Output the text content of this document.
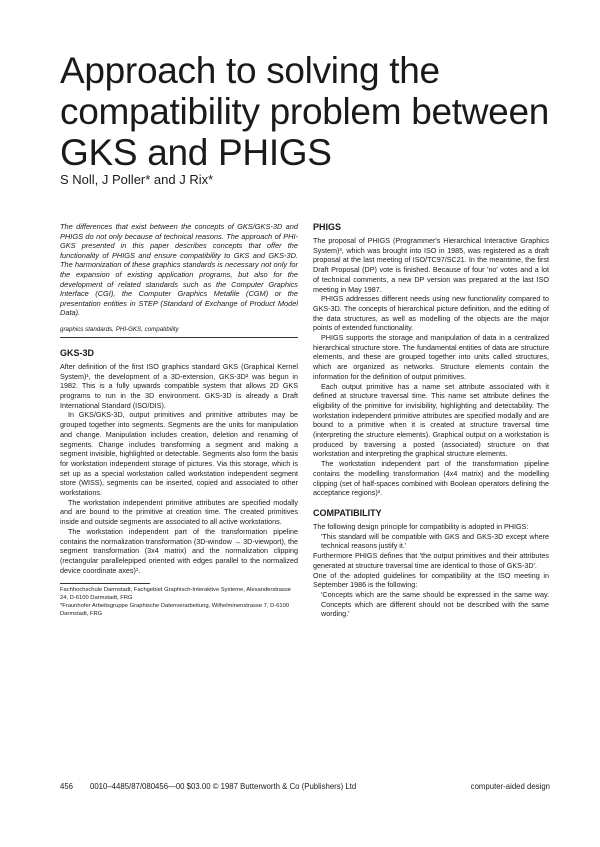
Approach to solving the compatibility problem between GKS and PHIGS

S Noll, J Poller* and J Rix*

The differences that exist between the concepts of GKS/GKS-3D and PHIGS do not only because of technical reasons. The approach of PHI-GKS presented in this paper describes concepts that offer the functionality of PHIGS and ensure compatibility to GKS and GKS-3D. The harmonization of these graphics standards is necessary not only for the expansion of existing application programs, but also for the development of related standards such as the Computer Graphics Interface (CGI), the Computer Graphics Metafile (CGM) or the presentation entities in STEP (Standard of Exchange of Product Model Data).

graphics standards, PHI-GKS, compatibility

GKS-3D

After definition of the first ISO graphics standard GKS (Graphical Kernel System)¹, the development of a 3D-extension, GKS-3D² was begun in 1982. This is a fully upwards compatible system that allows 2D GKS programs to run in the 3D environment. GKS-3D is already a Draft International Standard (ISO/DIS).

In GKS/GKS-3D, output primitives and primitive attributes may be grouped together into segments. Segments are the units for manipulation and change. Manipulation includes creation, deletion and renaming of segments. Change includes transforming a segment and making a segment invisible, highlighted or detectable. Segments also form the basis for workstation independent storage of pictures. Via this storage, which is set up as a special workstation called workstation independent segment store (WISS), segments can be inserted, copied and associated to other workstations.

The workstation independent primitive attributes are specified modally and are bound to the primitive at creation time. The created primitives inside and outside segments are associated to all active workstations.

The workstation independent part of the transformation pipeline contains the normalization transformation (3D-window → 3D-viewport), the segment transformation (3x4 matrix) and the normalization clipping (rectangular parallelepiped oriented with edges parallel to the normalized device coordinate axes)¹.

Fachhochschule Darmstadt, Fachgebiet Graphisch-Interaktive Systeme, Alexanderstrasse 24, D-6100 Darmstadt, FRG

*Fraunhofer Arbeitsgruppe Graphische Datenverarbeitung, Wilhelminenstrasse 7, D-6100 Darmstadt, FRG

PHIGS

The proposal of PHIGS (Programmer's Hierarchical Interactive Graphics System)³, which was brought into ISO in 1985, was registered as a draft proposal at the last meeting of ISO/TC97/SC21. In the meantime, the first Draft Proposal (DP) vote is finished. Because of four 'no' votes and a lot of technical comments, a new DP version was prepared at the last ISO meeting in May 1987.

PHIGS addresses different needs using new functionality compared to GKS-3D. The concepts of hierarchical picture definition, and the editing of the data structures, as well as modelling of the objects are the major points of extended functionality.

PHIGS supports the storage and manipulation of data in a centralized hierarchical structure store. The fundamental entities of data are structure elements, and these are grouped together into units called structures, which are organized as networks. Structure elements contain the information for the definition of output primitives.

Each output primitive has a name set attribute associated with it defined at structure traversal time. This name set attribute defines the eligibility of the primitive for invisibility, highlighting and detectability. The workstation independent primitive attributes are specified modally and are bound to a primitive when it is created at structure traversal time (interpreting the structure elements). Graphical output on a workstation is produced by traversing a posted (associated) structure on that workstation and interpreting the graphical structure elements.

The workstation independent part of the transformation pipeline contains the modelling transformation (4x4 matrix) and the modelling clipping (set of half-spaces combined with Boolean operators defining the acceptance regions)³.

COMPATIBILITY

The following design principle for compatibility is adopted in PHIGS:

'This standard will be compatible with GKS and GKS-3D except where technical reasons justify it.'

Furthermore PHIGS defines that 'the output primitives and their attributes generated at structure traversal time are identical to those of GKS-3D'.

One of the adopted guidelines for compatibility at the ISO meeting in September 1986 is the following:

'Concepts which are the same should be expressed in the same way. Concepts which are different should not be described with the same wording.'

456	0010–4485/87/080456—00 $03.00 © 1987 Butterworth & Co (Publishers) Ltd	computer-aided design
